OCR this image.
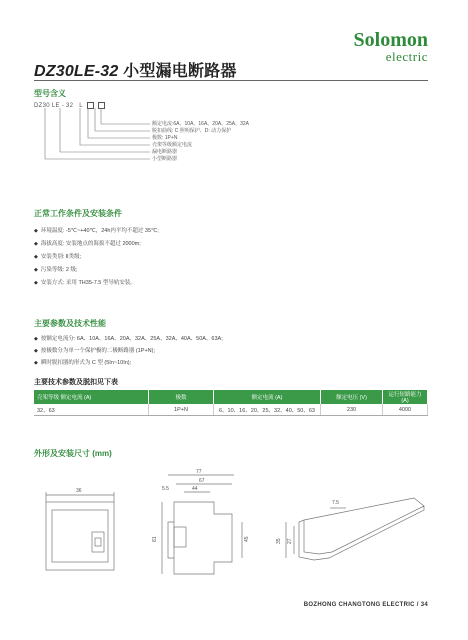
Solomon
electric
DZ30LE-32 小型漏电断路器
型号含义
DZ30 LE - 32 L
额定电流:6A、10A、16A、20A、25A、32A
脱扣曲线: C 照明保护、D: 动力保护
极数: 1P+N
壳架等级额定电流
漏电断路器
小型断路器
正常工作条件及安装条件
◆ 环境温度: -5℃~+40℃，24h内平均不超过 35℃;
◆ 海拔高度: 安装地点的海拔不超过 2000m;
◆ 安装类别: Ⅱ类级;
◆ 污染等级: 2 级;
◆ 安装方式: 采用 TH35-7.5 型导轨安装。
主要参数及技术性能
◆ 按额定电流分: 6A、10A、16A、20A、32A、25A、32A、40A、50A、63A;
◆ 按极数分为单一个保护极的二极断路器 (1P+N);
◆ 瞬时脱扣器的形式为 C 型 (5In~10In);
主要技术参数及脱扣见下表
壳架等级 额定电流 (A)	极数	额定电流 (A)	额定电压 (V)	运行短路能力 (A)
32、63	1P+N	6、10、16、20、25、32、40、50、63	230	4000
外形及安装尺寸 (mm)
36
77
67
44
5.5
81	45
7.5
35 27
BOZHONG CHANGTONG ELECTRIC / 34
